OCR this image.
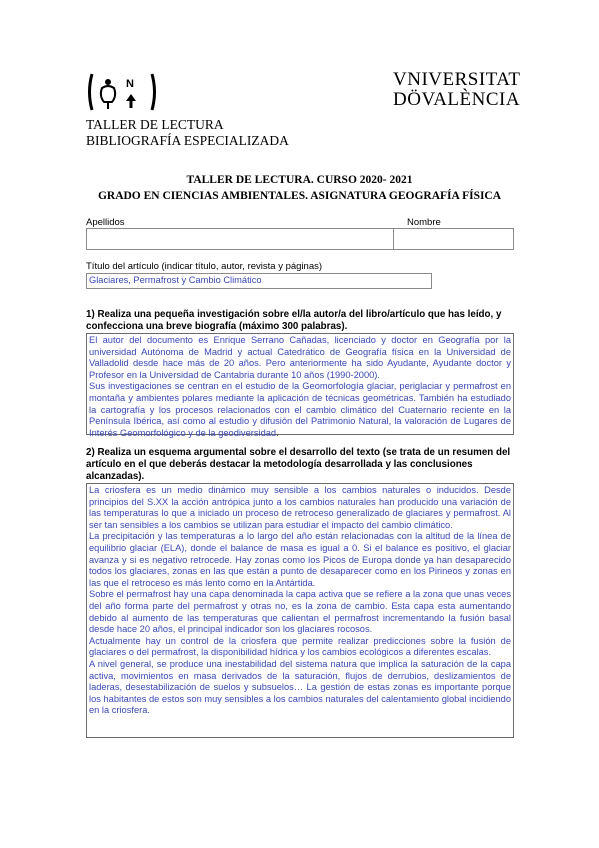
N	VNIVERSITAT
DÖVALÈNCIA
TALLER DE LECTURA
BIBLIOGRAFÍA ESPECIALIZADA
TALLER DE LECTURA. CURSO 2020- 2021
GRADO EN CIENCIAS AMBIENTALES. ASIGNATURA GEOGRAFÍA FÍSICA
Apellidos	Nombre
Título del artículo (indicar título, autor, revista y páginas)
Glaciares, Permafrost y Cambio Climático
1) Realiza una pequeña investigación sobre el/la autor/a del libro/artículo que has leído, y confecciona una breve biografía (máximo 300 palabras).

El autor del documento es Enrique Serrano Cañadas, licenciado y doctor en Geografía por la universidad Autónoma de Madrid y actual Catedrático de Geografía física en la Universidad de Valladolid desde hace más de 20 años. Pero anteriormente ha sido Ayudante, Ayudante doctor y Profesor en la Universidad de Cantabria durante 10 años (1990-2000).

Sus investigaciones se centran en el estudio de la Geomorfología glaciar, periglaciar y permafrost en montaña y ambientes polares mediante la aplicación de técnicas geométricas. También ha estudiado la cartografía y los procesos relacionados con el cambio climático del Cuaternario reciente en la Península Ibérica, así como al estudio y difusión del Patrimonio Natural, la valoración de Lugares de Interés Geomorfológico y de la geodiversidad.

2) Realiza un esquema argumental sobre el desarrollo del texto (se trata de un resumen del artículo en el que deberás destacar la metodología desarrollada y las conclusiones alcanzadas).

La criosfera es un medio dinámico muy sensible a los cambios naturales o inducidos. Desde principios del S.XX la acción antrópica junto a los cambios naturales han producido una variación de las temperaturas lo que a iniciado un proceso de retroceso generalizado de glaciares y permafrost. Al ser tan sensibles a los cambios se utilizan para estudiar el impacto del cambio climático.

La precipitación y las temperaturas a lo largo del año están relacionadas con la altitud de la línea de equilibrio glaciar (ELA), donde el balance de masa es igual a 0. Si el balance es positivo, el glaciar avanza y si es negativo retrocede. Hay zonas como los Picos de Europa donde ya han desaparecido todos los glaciares, zonas en las que están a punto de desaparecer como en los Pirineos y zonas en las que el retroceso es más lento como en la Antártida.

Sobre el permafrost hay una capa denominada la capa activa que se refiere a la zona que unas veces del año forma parte del permafrost y otras no, es la zona de cambio. Esta capa esta aumentando debido al aumento de las temperaturas que calientan el permafrost incrementando la fusión basal desde hace 20 años, el principal indicador son los glaciares rocosos.

Actualmente hay un control de la criosfera que permite realizar predicciones sobre la fusión de glaciares o del permafrost, la disponibilidad hídrica y los cambios ecológicos a diferentes escalas.

A nivel general, se produce una inestabilidad del sistema natura que implica la saturación de la capa activa, movimientos en masa derivados de la saturación, flujos de derrubios, deslizamientos de laderas, desestabilización de suelos y subsuelos… La gestión de estas zonas es importante porque los habitantes de estos son muy sensibles a los cambios naturales del calentamiento global incidiendo en la criosfera.
